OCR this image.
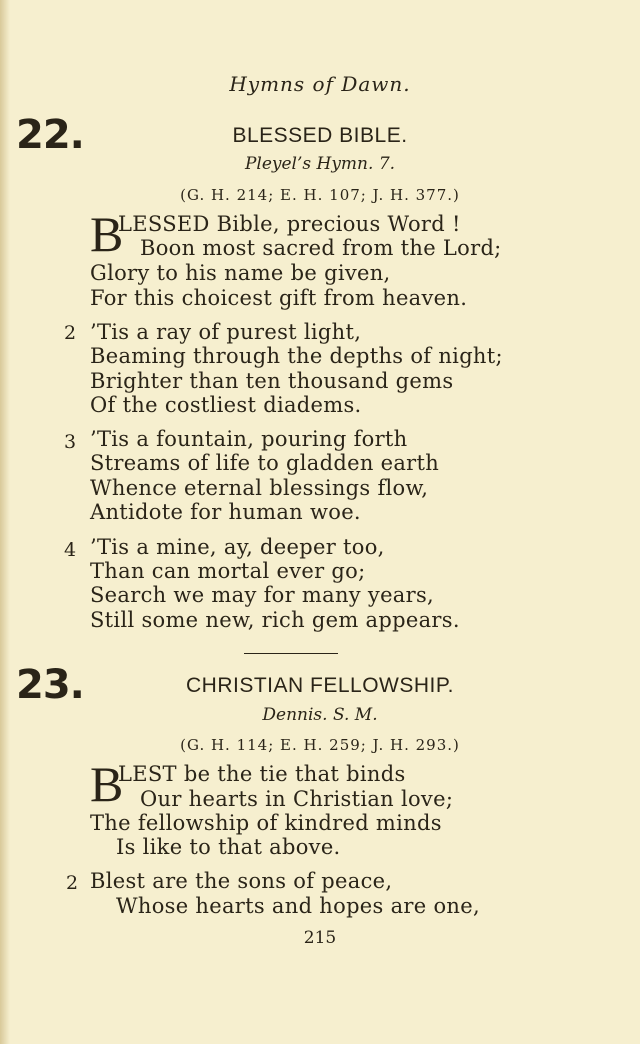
Hymns of Dawn.
22.	BLESSED BIBLE.
Pleyel’s Hymn. 7.
(G. H. 214; E. H. 107; J. H. 377.)
B
LESSED Bible, precious Word !
Boon most sacred from the Lord;
Glory to his name be given,
For this choicest gift from heaven.
2 ’Tis a ray of purest light,
Beaming through the depths of night;
Brighter than ten thousand gems
Of the costliest diadems.
3 ’Tis a fountain, pouring forth
Streams of life to gladden earth
Whence eternal blessings flow,
Antidote for human woe.
4 ’Tis a mine, ay, deeper too,
Than can mortal ever go;
Search we may for many years,
Still some new, rich gem appears.
23.	CHRISTIAN FELLOWSHIP.
Dennis. S. M.
(G. H. 114; E. H. 259; J. H. 293.)
B
LEST be the tie that binds
Our hearts in Christian love;
The fellowship of kindred minds
Is like to that above.
2 Blest are the sons of peace,
Whose hearts and hopes are one,
215
